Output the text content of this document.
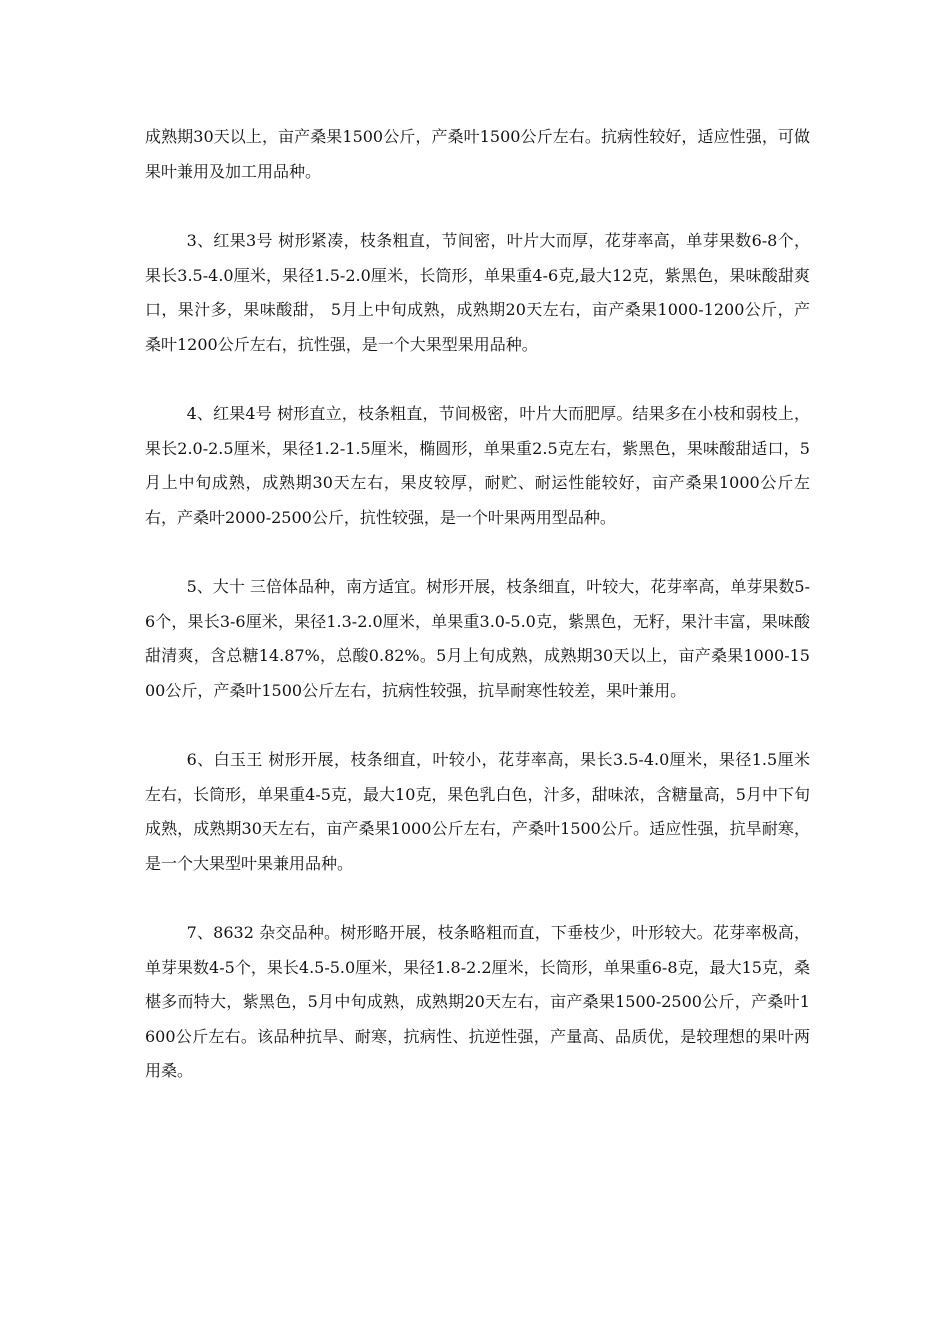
成熟期30天以上，亩产桑果1500公斤，产桑叶1500公斤左右。抗病性较好，适应性强，可做果叶兼用及加工用品种。

3、红果3号 树形紧凑，枝条粗直，节间密，叶片大而厚，花芽率高，单芽果数6-8个，果长3.5-4.0厘米，果径1.5-2.0厘米，长筒形，单果重4-6克,最大12克，紫黑色，果味酸甜爽口，果汁多，果味酸甜， 5月上中旬成熟，成熟期20天左右，亩产桑果1000-1200公斤，产桑叶1200公斤左右，抗性强，是一个大果型果用品种。

4、红果4号 树形直立，枝条粗直，节间极密，叶片大而肥厚。结果多在小枝和弱枝上，果长2.0-2.5厘米，果径1.2-1.5厘米，椭圆形，单果重2.5克左右，紫黑色，果味酸甜适口，5月上中旬成熟，成熟期30天左右，果皮较厚，耐贮、耐运性能较好，亩产桑果1000公斤左右，产桑叶2000-2500公斤，抗性较强，是一个叶果两用型品种。

5、大十 三倍体品种，南方适宜。树形开展，枝条细直，叶较大，花芽率高，单芽果数5-6个，果长3-6厘米，果径1.3-2.0厘米，单果重3.0-5.0克，紫黑色，无籽，果汁丰富，果味酸甜清爽，含总糖14.87%，总酸0.82%。5月上旬成熟，成熟期30天以上，亩产桑果1000-1500公斤，产桑叶1500公斤左右，抗病性较强，抗旱耐寒性较差，果叶兼用。

6、白玉王 树形开展，枝条细直，叶较小，花芽率高，果长3.5-4.0厘米，果径1.5厘米左右，长筒形，单果重4-5克，最大10克，果色乳白色，汁多，甜味浓，含糖量高，5月中下旬成熟，成熟期30天左右，亩产桑果1000公斤左右，产桑叶1500公斤。适应性强，抗旱耐寒，是一个大果型叶果兼用品种。

7、8632 杂交品种。树形略开展，枝条略粗而直，下垂枝少，叶形较大。花芽率极高，单芽果数4-5个，果长4.5-5.0厘米，果径1.8-2.2厘米，长筒形，单果重6-8克，最大15克，桑椹多而特大，紫黑色，5月中旬成熟，成熟期20天左右，亩产桑果1500-2500公斤，产桑叶1600公斤左右。该品种抗旱、耐寒，抗病性、抗逆性强，产量高、品质优，是较理想的果叶两用桑。
